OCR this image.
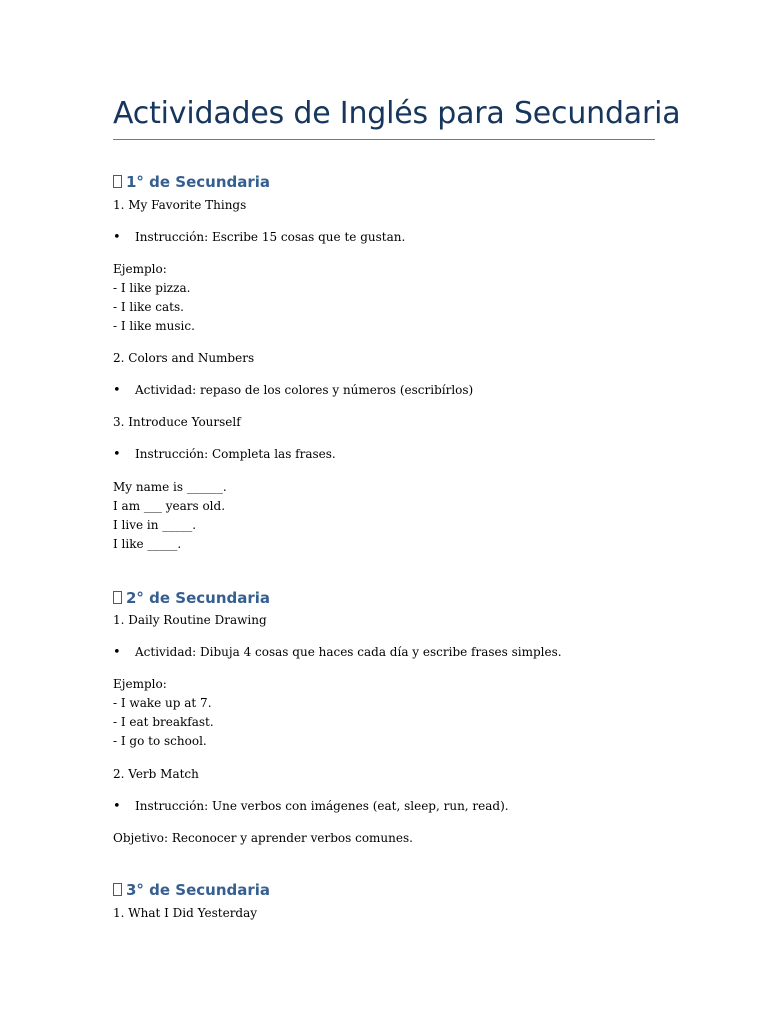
Actividades de Inglés para Secundaria
1° de Secundaria
1. My Favorite Things
• Instrucción: Escribe 15 cosas que te gustan.
Ejemplo:
- I like pizza.
- I like cats.
- I like music.
2. Colors and Numbers
• Actividad: repaso de los colores y números (escribírlos)
3. Introduce Yourself
• Instrucción: Completa las frases.
My name is ______.
I am ___ years old.
I live in _____.
I like _____.
2° de Secundaria
1. Daily Routine Drawing
• Actividad: Dibuja 4 cosas que haces cada día y escribe frases simples.
Ejemplo:
- I wake up at 7.
- I eat breakfast.
- I go to school.
2. Verb Match
• Instrucción: Une verbos con imágenes (eat, sleep, run, read).
Objetivo: Reconocer y aprender verbos comunes.
3° de Secundaria
1. What I Did Yesterday
